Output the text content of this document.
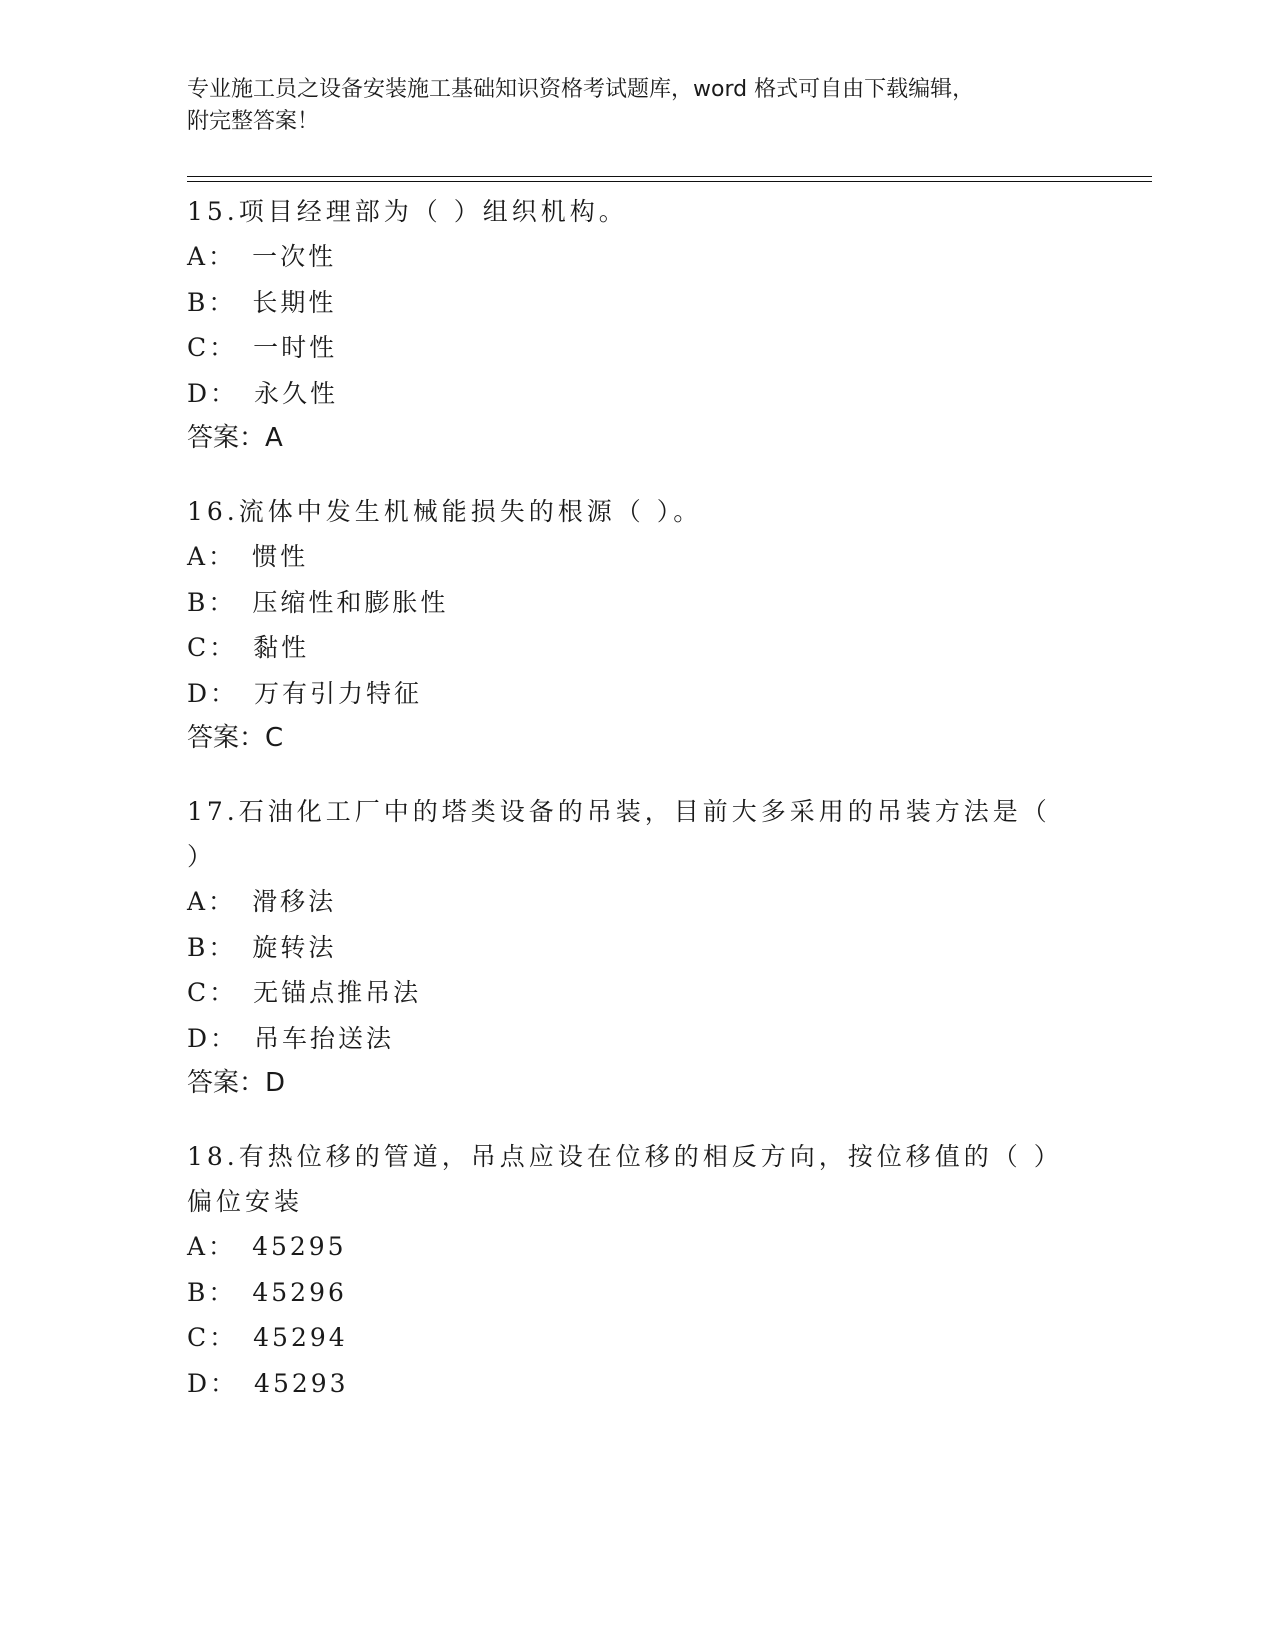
专业施工员之设备安装施工基础知识资格考试题库，word 格式可自由下载编辑，
附完整答案！
15.项目经理部为（ ）组织机构。
A： 一次性
B： 长期性
C： 一时性
D： 永久性
答案：A
16.流体中发生机械能损失的根源（ ）。
A： 惯性
B： 压缩性和膨胀性
C： 黏性
D： 万有引力特征
答案：C
17.石油化工厂中的塔类设备的吊装，目前大多采用的吊装方法是（
）
A： 滑移法
B： 旋转法
C： 无锚点推吊法
D： 吊车抬送法
答案：D
18.有热位移的管道，吊点应设在位移的相反方向，按位移值的（ ）
偏位安装
A： 45295
B： 45296
C： 45294
D： 45293
